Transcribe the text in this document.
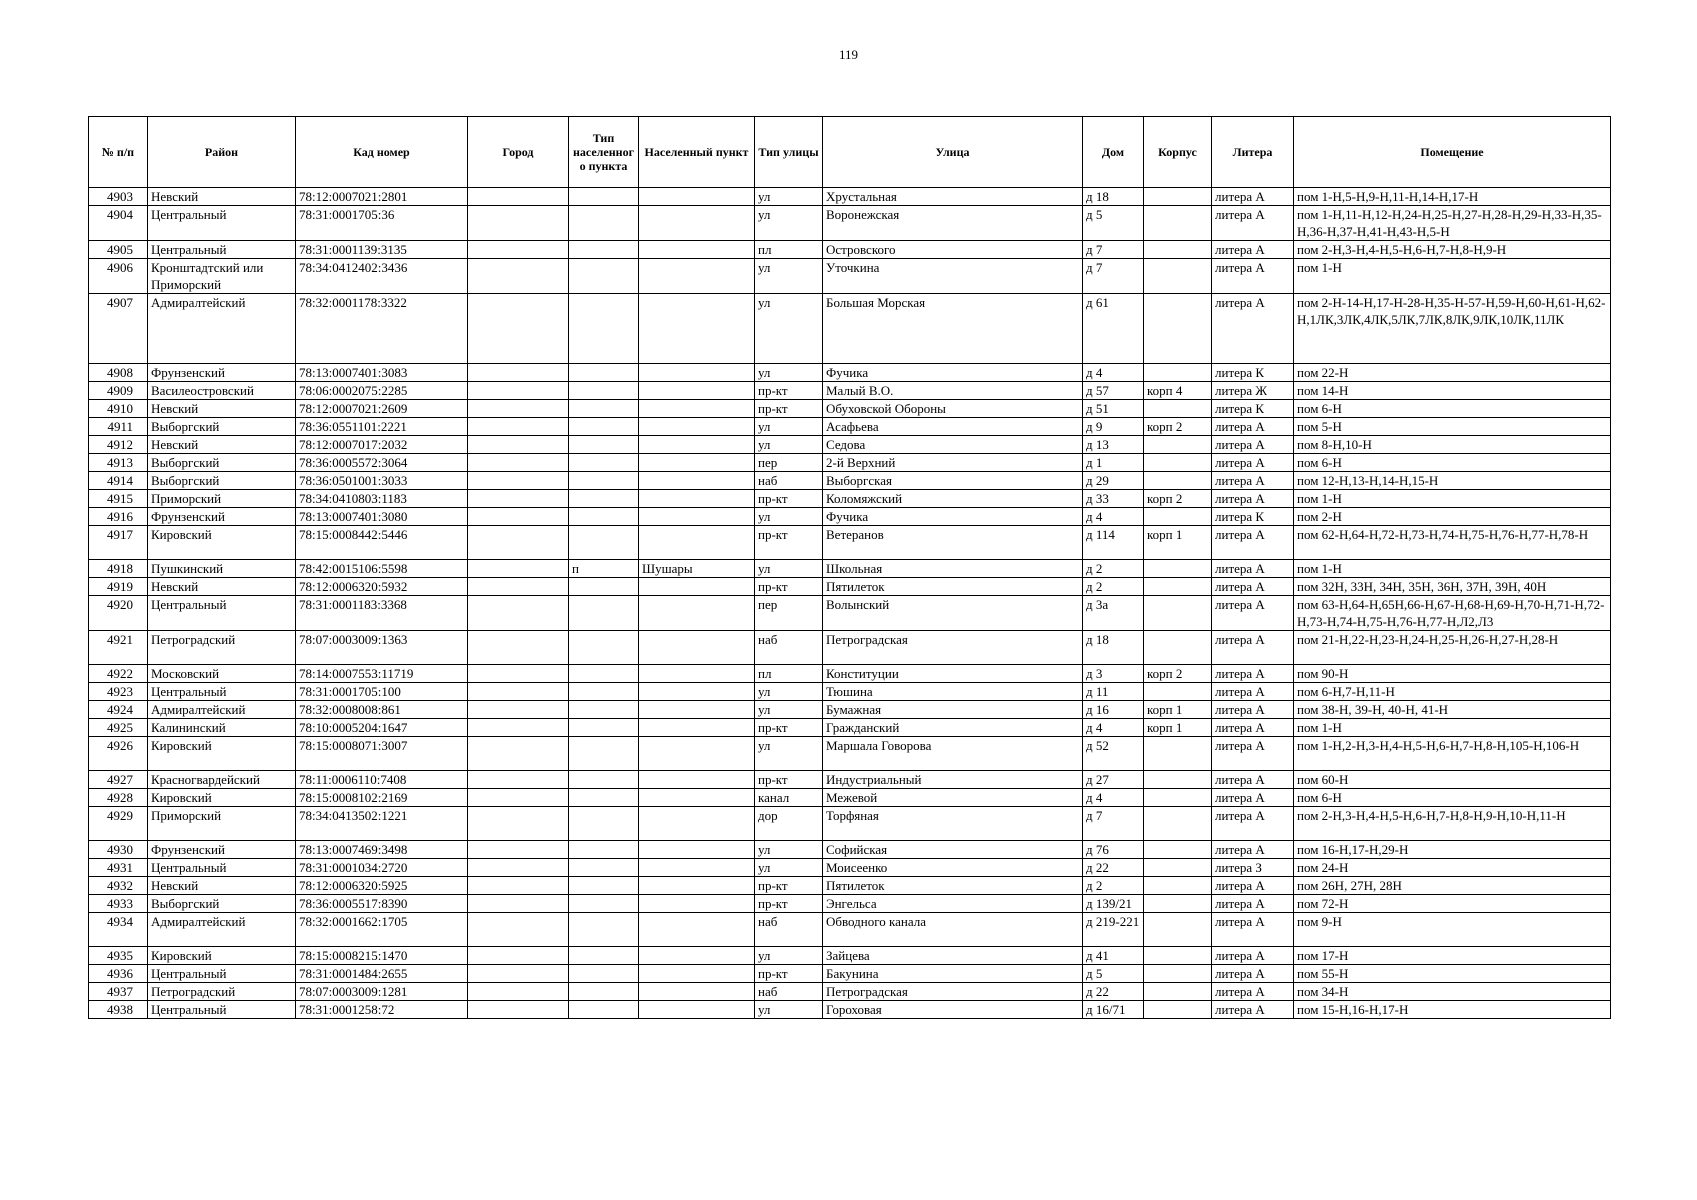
119
№ п/п	Район	Кад номер	Город	Тип населенного пункта	Населенный пункт	Тип улицы	Улица	Дом	Корпус	Литера	Помещение
4903	Невский	78:12:0007021:2801				ул	Хрустальная	д 18		литера А	пом 1-Н,5-Н,9-Н,11-Н,14-Н,17-Н
4904	Центральный	78:31:0001705:36				ул	Воронежская	д 5		литера А	пом 1-Н,11-Н,12-Н,24-Н,25-Н,27-Н,28-Н,29-Н,33-Н,35-Н,36-Н,37-Н,41-Н,43-Н,5-Н
4905	Центральный	78:31:0001139:3135				пл	Островского	д 7		литера А	пом 2-Н,3-Н,4-Н,5-Н,6-Н,7-Н,8-Н,9-Н
4906	Кронштадтский или Приморский	78:34:0412402:3436				ул	Уточкина	д 7		литера А	пом 1-Н
4907	Адмиралтейский	78:32:0001178:3322				ул	Большая Морская	д 61		литера А	пом 2-Н-14-Н,17-Н-28-Н,35-Н-57-Н,59-Н,60-Н,61-Н,62-Н,1ЛК,3ЛК,4ЛК,5ЛК,7ЛК,8ЛК,9ЛК,10ЛК,11ЛК
4908	Фрунзенский	78:13:0007401:3083				ул	Фучика	д 4		литера К	пом 22-Н
4909	Василеостровский	78:06:0002075:2285				пр-кт	Малый В.О.	д 57	корп 4	литера Ж	пом 14-Н
4910	Невский	78:12:0007021:2609				пр-кт	Обуховской Обороны	д 51		литера К	пом 6-Н
4911	Выборгский	78:36:0551101:2221				ул	Асафьева	д 9	корп 2	литера А	пом 5-Н
4912	Невский	78:12:0007017:2032				ул	Седова	д 13		литера А	пом 8-Н,10-Н
4913	Выборгский	78:36:0005572:3064				пер	2-й Верхний	д 1		литера А	пом 6-Н
4914	Выборгский	78:36:0501001:3033				наб	Выборгская	д 29		литера А	пом 12-Н,13-Н,14-Н,15-Н
4915	Приморский	78:34:0410803:1183				пр-кт	Коломяжский	д 33	корп 2	литера А	пом 1-Н
4916	Фрунзенский	78:13:0007401:3080				ул	Фучика	д 4		литера К	пом 2-Н
4917	Кировский	78:15:0008442:5446				пр-кт	Ветеранов	д 114	корп 1	литера А	пом 62-Н,64-Н,72-Н,73-Н,74-Н,75-Н,76-Н,77-Н,78-Н
4918	Пушкинский	78:42:0015106:5598		п	Шушары	ул	Школьная	д 2		литера А	пом 1-Н
4919	Невский	78:12:0006320:5932				пр-кт	Пятилеток	д 2		литера А	пом 32Н, 33Н, 34Н, 35Н, 36Н, 37Н, 39Н, 40Н
4920	Центральный	78:31:0001183:3368				пер	Волынский	д 3а		литера А	пом 63-Н,64-Н,65Н,66-Н,67-Н,68-Н,69-Н,70-Н,71-Н,72-Н,73-Н,74-Н,75-Н,76-Н,77-Н,Л2,Л3
4921	Петроградский	78:07:0003009:1363				наб	Петроградская	д 18		литера А	пом 21-Н,22-Н,23-Н,24-Н,25-Н,26-Н,27-Н,28-Н
4922	Московский	78:14:0007553:11719				пл	Конституции	д 3	корп 2	литера А	пом 90-Н
4923	Центральный	78:31:0001705:100				ул	Тюшина	д 11		литера А	пом 6-Н,7-Н,11-Н
4924	Адмиралтейский	78:32:0008008:861				ул	Бумажная	д 16	корп 1	литера А	пом 38-Н, 39-Н, 40-Н, 41-Н
4925	Калининский	78:10:0005204:1647				пр-кт	Гражданский	д 4	корп 1	литера А	пом 1-Н
4926	Кировский	78:15:0008071:3007				ул	Маршала Говорова	д 52		литера А	пом 1-Н,2-Н,3-Н,4-Н,5-Н,6-Н,7-Н,8-Н,105-Н,106-Н
4927	Красногвардейский	78:11:0006110:7408				пр-кт	Индустриальный	д 27		литера А	пом 60-Н
4928	Кировский	78:15:0008102:2169				канал	Межевой	д 4		литера А	пом 6-Н
4929	Приморский	78:34:0413502:1221				дор	Торфяная	д 7		литера А	пом 2-Н,3-Н,4-Н,5-Н,6-Н,7-Н,8-Н,9-Н,10-Н,11-Н
4930	Фрунзенский	78:13:0007469:3498				ул	Софийская	д 76		литера А	пом 16-Н,17-Н,29-Н
4931	Центральный	78:31:0001034:2720				ул	Моисеенко	д 22		литера З	пом 24-Н
4932	Невский	78:12:0006320:5925				пр-кт	Пятилеток	д 2		литера А	пом 26Н, 27Н, 28Н
4933	Выборгский	78:36:0005517:8390				пр-кт	Энгельса	д 139/21		литера А	пом 72-Н
4934	Адмиралтейский	78:32:0001662:1705				наб	Обводного канала	д 219-221		литера А	пом 9-Н
4935	Кировский	78:15:0008215:1470				ул	Зайцева	д 41		литера А	пом 17-Н
4936	Центральный	78:31:0001484:2655				пр-кт	Бакунина	д 5		литера А	пом 55-Н
4937	Петроградский	78:07:0003009:1281				наб	Петроградская	д 22		литера А	пом 34-Н
4938	Центральный	78:31:0001258:72				ул	Гороховая	д 16/71		литера А	пом 15-Н,16-Н,17-Н
